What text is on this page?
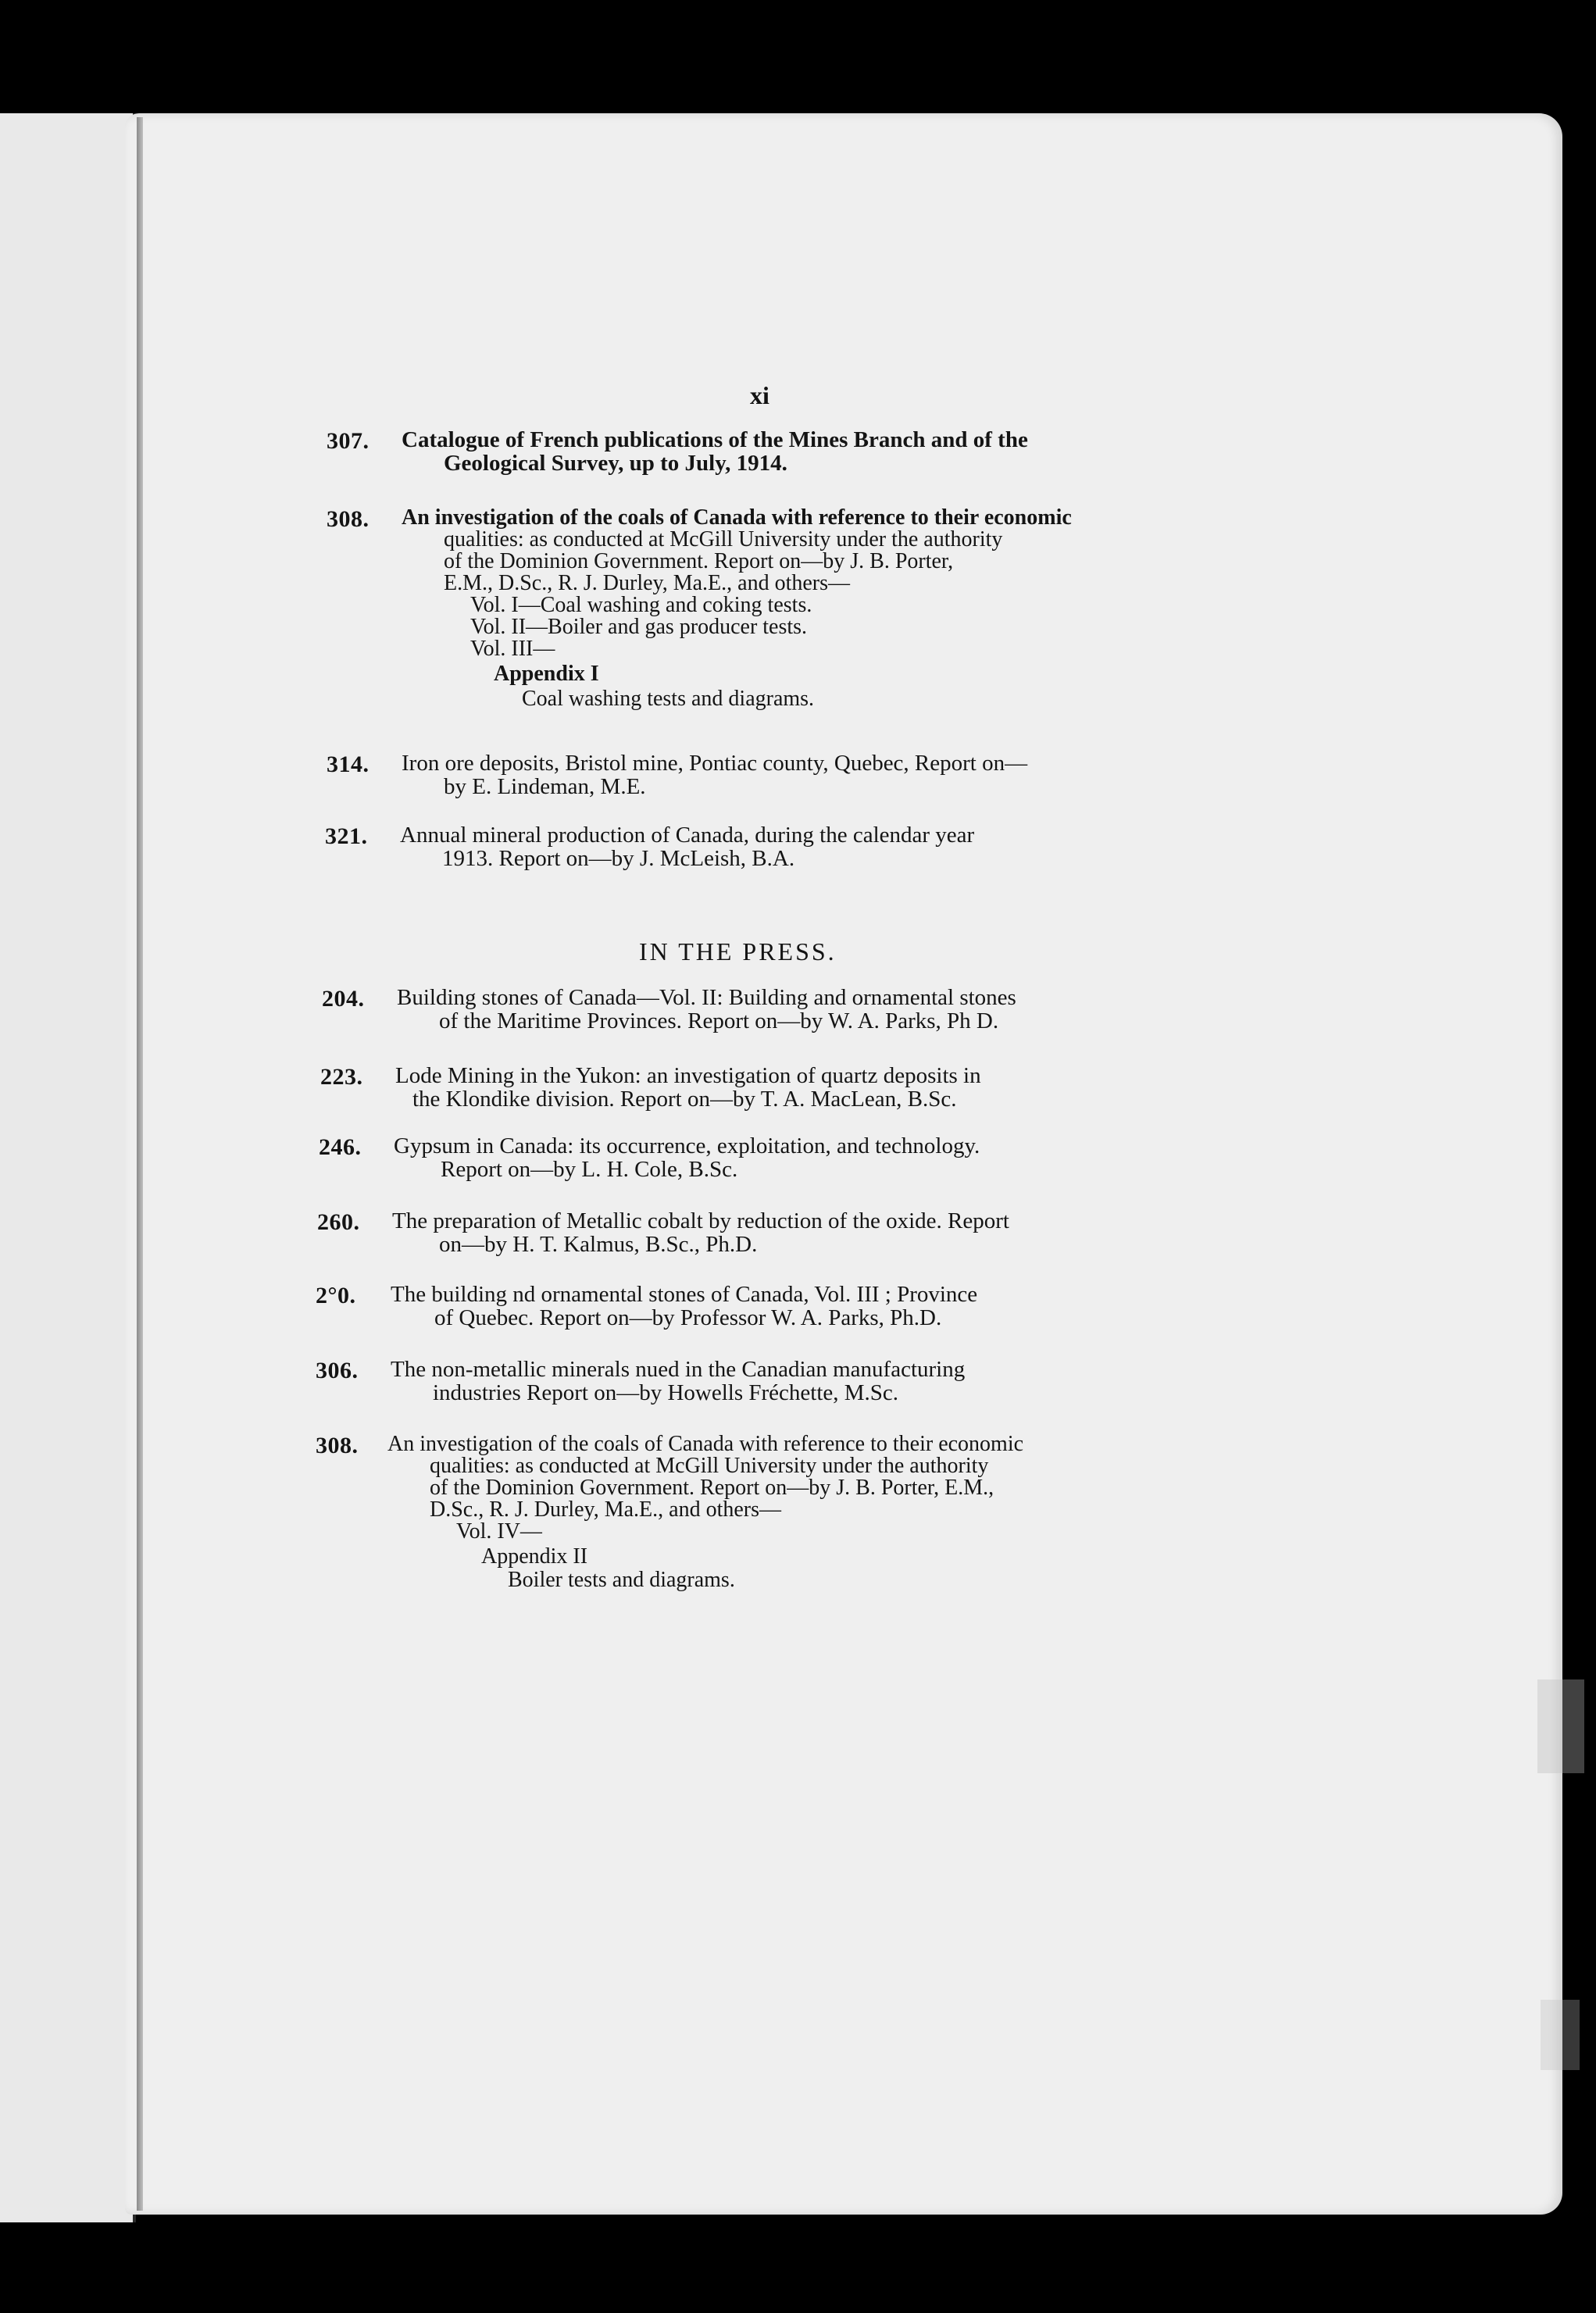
xi
307. Catalogue of French publications of the Mines Branch and of the
Geological Survey, up to July, 1914.
308. An investigation of the coals of Canada with reference to their economic
qualities: as conducted at McGill University under the authority
of the Dominion Government. Report on—by J. B. Porter,
E.M., D.Sc., R. J. Durley, Ma.E., and others—
Vol. I—Coal washing and coking tests.
Vol. II—Boiler and gas producer tests.
Vol. III—
Appendix I
Coal washing tests and diagrams.
314. Iron ore deposits, Bristol mine, Pontiac county, Quebec, Report on—
by E. Lindeman, M.E.
321. Annual mineral production of Canada, during the calendar year
1913. Report on—by J. McLeish, B.A.
IN THE PRESS.
204. Building stones of Canada—Vol. II: Building and ornamental stones
of the Maritime Provinces. Report on—by W. A. Parks, Ph D.
223. Lode Mining in the Yukon: an investigation of quartz deposits in
the Klondike division. Report on—by T. A. MacLean, B.Sc.
246. Gypsum in Canada: its occurrence, exploitation, and technology.
Report on—by L. H. Cole, B.Sc.
260. The preparation of Metallic cobalt by reduction of the oxide. Report
on—by H. T. Kalmus, B.Sc., Ph.D.
2°0. The building nd ornamental stones of Canada, Vol. III ; Province
of Quebec. Report on—by Professor W. A. Parks, Ph.D.
306. The non-metallic minerals nued in the Canadian manufacturing
industries Report on—by Howells Fréchette, M.Sc.
308. An investigation of the coals of Canada with reference to their economic
qualities: as conducted at McGill University under the authority
of the Dominion Government. Report on—by J. B. Porter, E.M.,
D.Sc., R. J. Durley, Ma.E., and others—
Vol. IV—
Appendix II
Boiler tests and diagrams.
